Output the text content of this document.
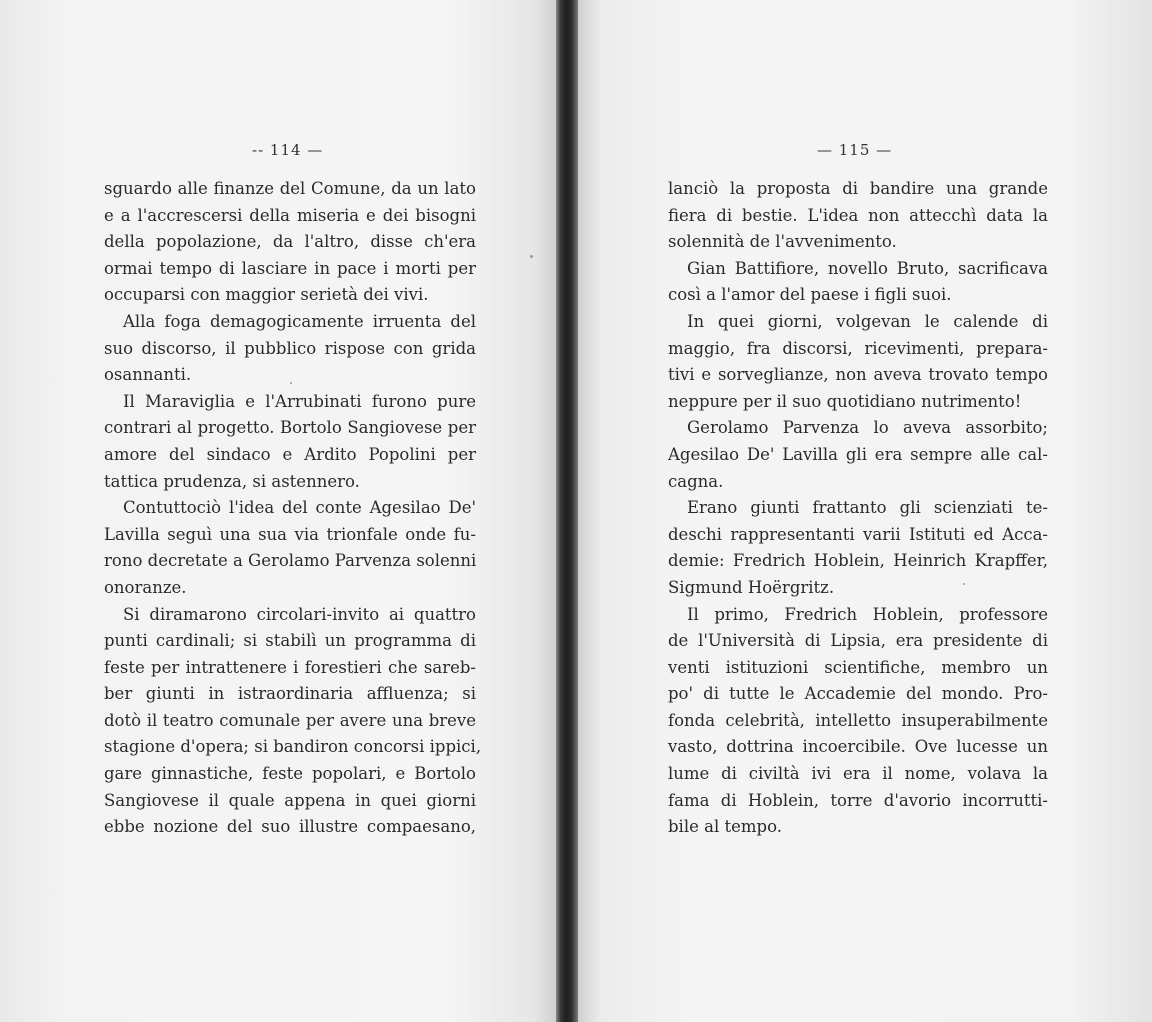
-- 114 —
sguardo alle finanze del Comune, da un lato
e a l'accrescersi della miseria e dei bisogni
della popolazione, da l'altro, disse ch'era
ormai tempo di lasciare in pace i morti per
occuparsi con maggior serietà dei vivi.
Alla foga demagogicamente irruenta del
suo discorso, il pubblico rispose con grida
osannanti.
Il Maraviglia e l'Arrubinati furono pure
contrari al progetto. Bortolo Sangiovese per
amore del sindaco e Ardito Popolini per
tattica prudenza, si astennero.
Contuttociò l'idea del conte Agesilao De'
Lavilla seguì una sua via trionfale onde fu-
rono decretate a Gerolamo Parvenza solenni
onoranze.
Si diramarono circolari-invito ai quattro
punti cardinali; si stabilì un programma di
feste per intrattenere i forestieri che sareb-
ber giunti in istraordinaria affluenza; si
dotò il teatro comunale per avere una breve
stagione d'opera; si bandiron concorsi ippici,
gare ginnastiche, feste popolari, e Bortolo
Sangiovese il quale appena in quei giorni
ebbe nozione del suo illustre compaesano,
— 115 —
lanciò la proposta di bandire una grande
fiera di bestie. L'idea non attecchì data la
solennità de l'avvenimento.
Gian Battifiore, novello Bruto, sacrificava
così a l'amor del paese i figli suoi.
In quei giorni, volgevan le calende di
maggio, fra discorsi, ricevimenti, prepara-
tivi e sorveglianze, non aveva trovato tempo
neppure per il suo quotidiano nutrimento!
Gerolamo Parvenza lo aveva assorbito;
Agesilao De' Lavilla gli era sempre alle cal-
cagna.
Erano giunti frattanto gli scienziati te-
deschi rappresentanti varii Istituti ed Acca-
demie: Fredrich Hoblein, Heinrich Krapffer,
Sigmund Hoërgritz.
Il primo, Fredrich Hoblein, professore
de l'Università di Lipsia, era presidente di
venti istituzioni scientifiche, membro un
po' di tutte le Accademie del mondo. Pro-
fonda celebrità, intelletto insuperabilmente
vasto, dottrina incoercibile. Ove lucesse un
lume di civiltà ivi era il nome, volava la
fama di Hoblein, torre d'avorio incorrutti-
bile al tempo.
